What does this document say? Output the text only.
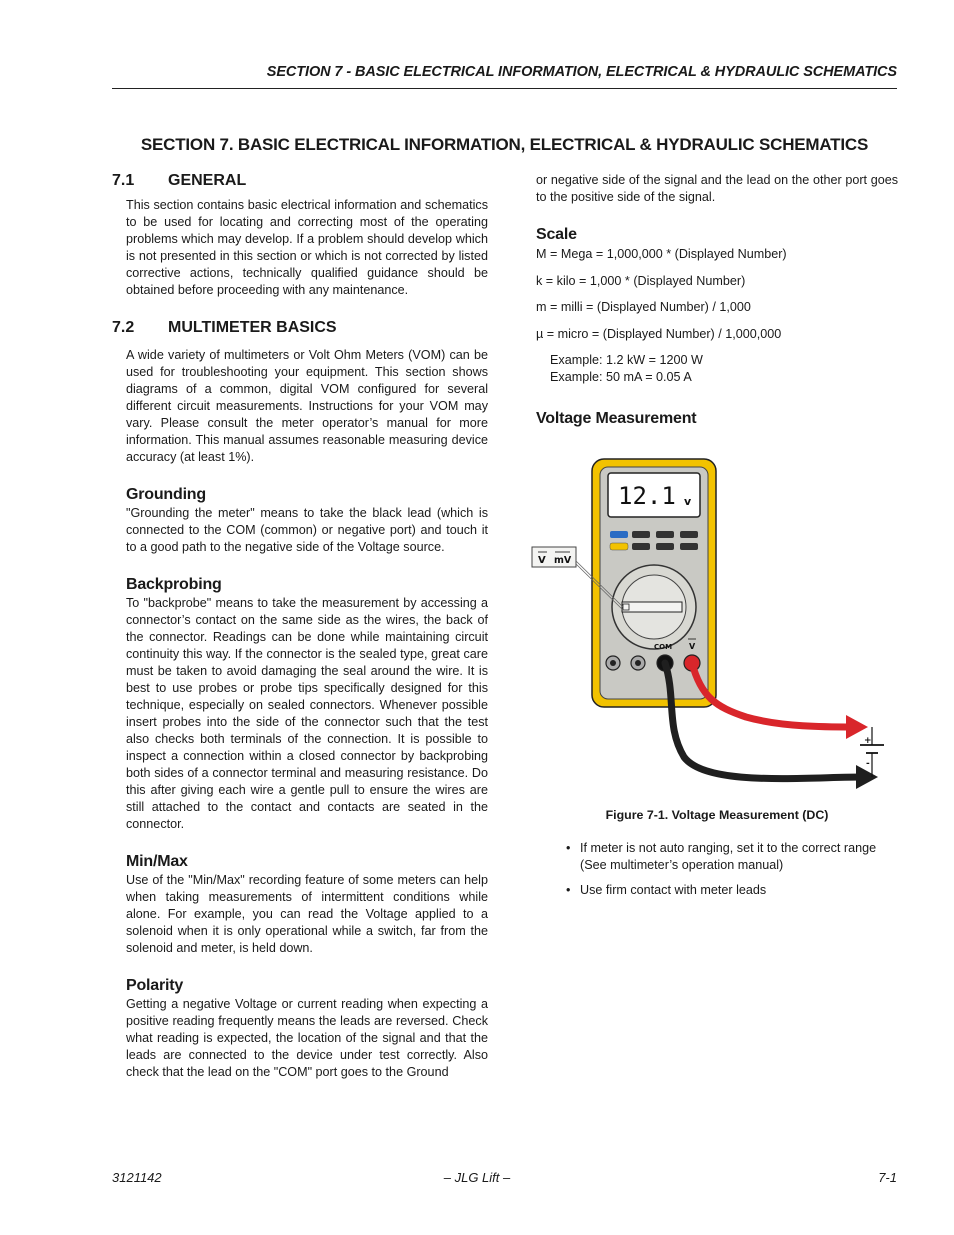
SECTION 7 - BASIC ELECTRICAL INFORMATION, ELECTRICAL & HYDRAULIC SCHEMATICS
SECTION 7. BASIC ELECTRICAL INFORMATION, ELECTRICAL & HYDRAULIC SCHEMATICS
7.1	GENERAL

This section contains basic electrical information and schematics to be used for locating and correcting most of the operating problems which may develop. If a problem should develop which is not presented in this section or which is not corrected by listed corrective actions, technically qualified guidance should be obtained before proceeding with any maintenance.

7.2	MULTIMETER BASICS

A wide variety of multimeters or Volt Ohm Meters (VOM) can be used for troubleshooting your equipment. This section shows diagrams of a common, digital VOM configured for several different circuit measurements. Instructions for your VOM may vary. Please consult the meter operator’s manual for more information. This manual assumes reasonable measuring device accuracy (at least 1%).

Grounding

"Grounding the meter" means to take the black lead (which is connected to the COM (common) or negative port) and touch it to a good path to the negative side of the Voltage source.

Backprobing

To "backprobe" means to take the measurement by accessing a connector’s contact on the same side as the wires, the back of the connector. Readings can be done while maintaining circuit continuity this way. If the connector is the sealed type, great care must be taken to avoid damaging the seal around the wire. It is best to use probes or probe tips specifically designed for this technique, especially on sealed connectors. Whenever possible insert probes into the side of the connector such that the test also checks both terminals of the connection. It is possible to inspect a connection within a closed connector by backprobing both sides of a connector terminal and measuring resistance. Do this after giving each wire a gentle pull to ensure the wires are still attached to the contact and contacts are seated in the connector.

Min/Max

Use of the "Min/Max" recording feature of some meters can help when taking measurements of intermittent conditions while alone. For example, you can read the Voltage applied to a solenoid when it is only operational while a switch, far from the solenoid and meter, is held down.

Polarity

Getting a negative Voltage or current reading when expecting a positive reading frequently means the leads are reversed. Check what reading is expected, the location of the signal and that the leads are connected to the device under test correctly. Also check that the lead on the "COM" port goes to the Ground

or negative side of the signal and the lead on the other port goes to the positive side of the signal.

Scale
M = Mega = 1,000,000 * (Displayed Number)
k = kilo = 1,000 * (Displayed Number)
m = milli = (Displayed Number) / 1,000
µ = micro = (Displayed Number) / 1,000,000
Example: 1.2 kW = 1200 W
Example: 50 mA = 0.05 A
Voltage Measurement
12.1 v
V mV
COM V
+
-
Figure 7-1. Voltage Measurement (DC)
• If meter is not auto ranging, set it to the correct range (See multimeter’s operation manual)
• Use firm contact with meter leads
3121142	– JLG Lift –	7-1
